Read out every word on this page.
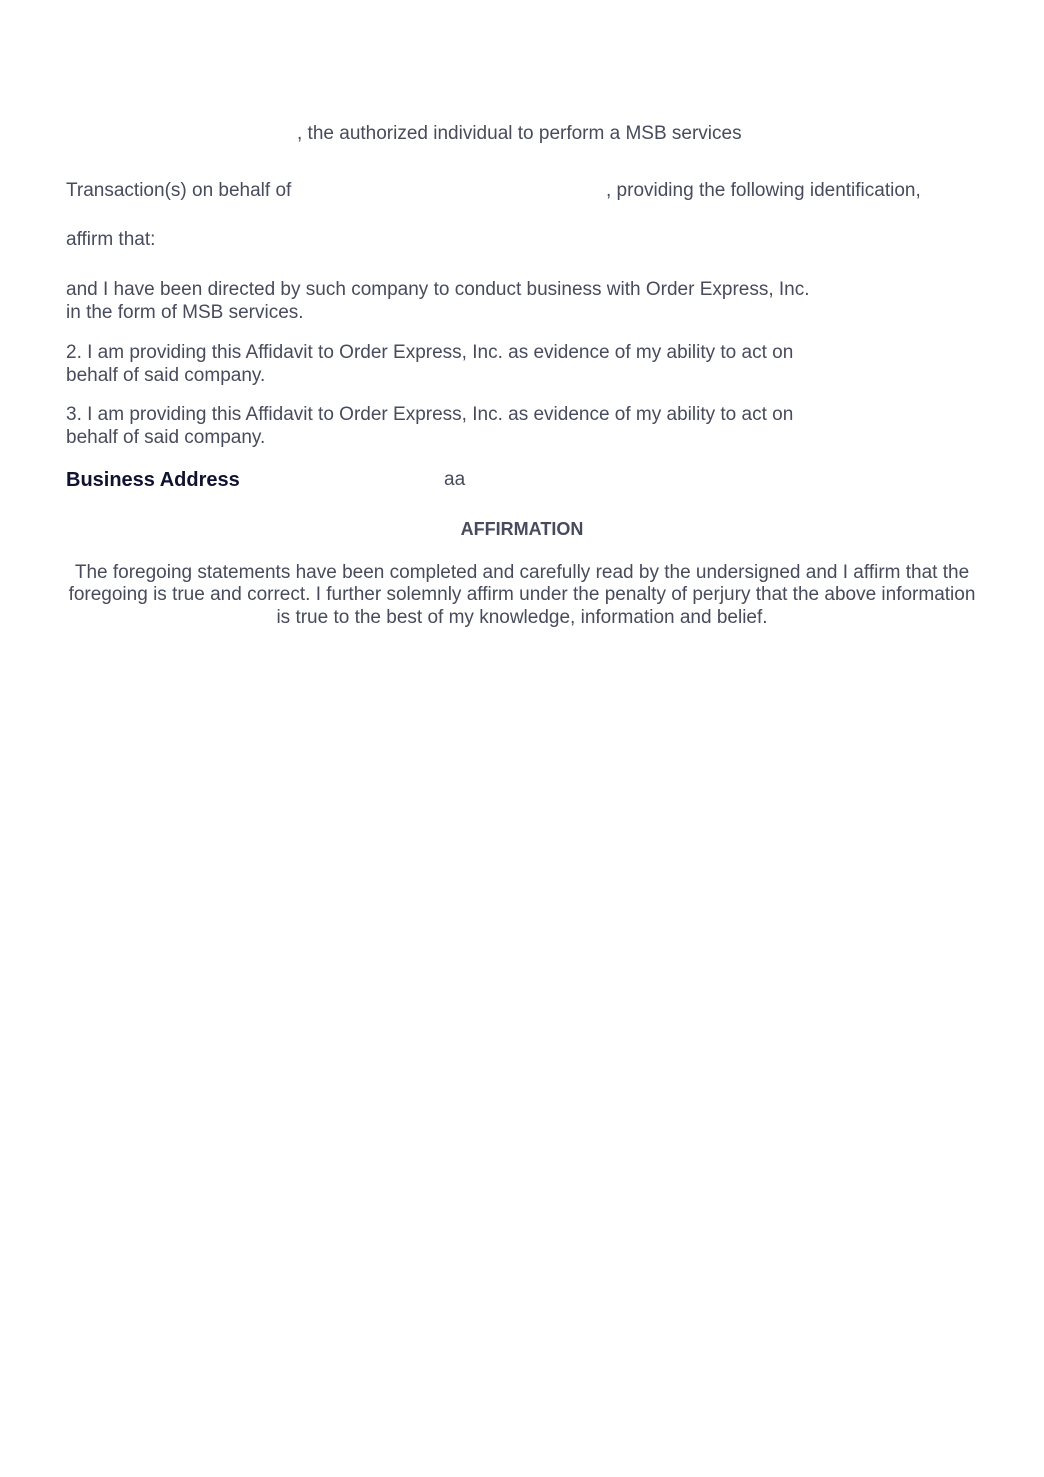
, the authorized individual to perform a MSB services
Transaction(s) on behalf of	, providing the following identification,
affirm that:
and I have been directed by such company to conduct business with Order Express, Inc.
in the form of MSB services.
2. I am providing this Affidavit to Order Express, Inc. as evidence of my ability to act on
behalf of said company.
3. I am providing this Affidavit to Order Express, Inc. as evidence of my ability to act on
behalf of said company.
Business Address	aa
AFFIRMATION
The foregoing statements have been completed and carefully read by the undersigned and I affirm that the foregoing is true and correct. I further solemnly affirm under the penalty of perjury that the above information is true to the best of my knowledge, information and belief.
